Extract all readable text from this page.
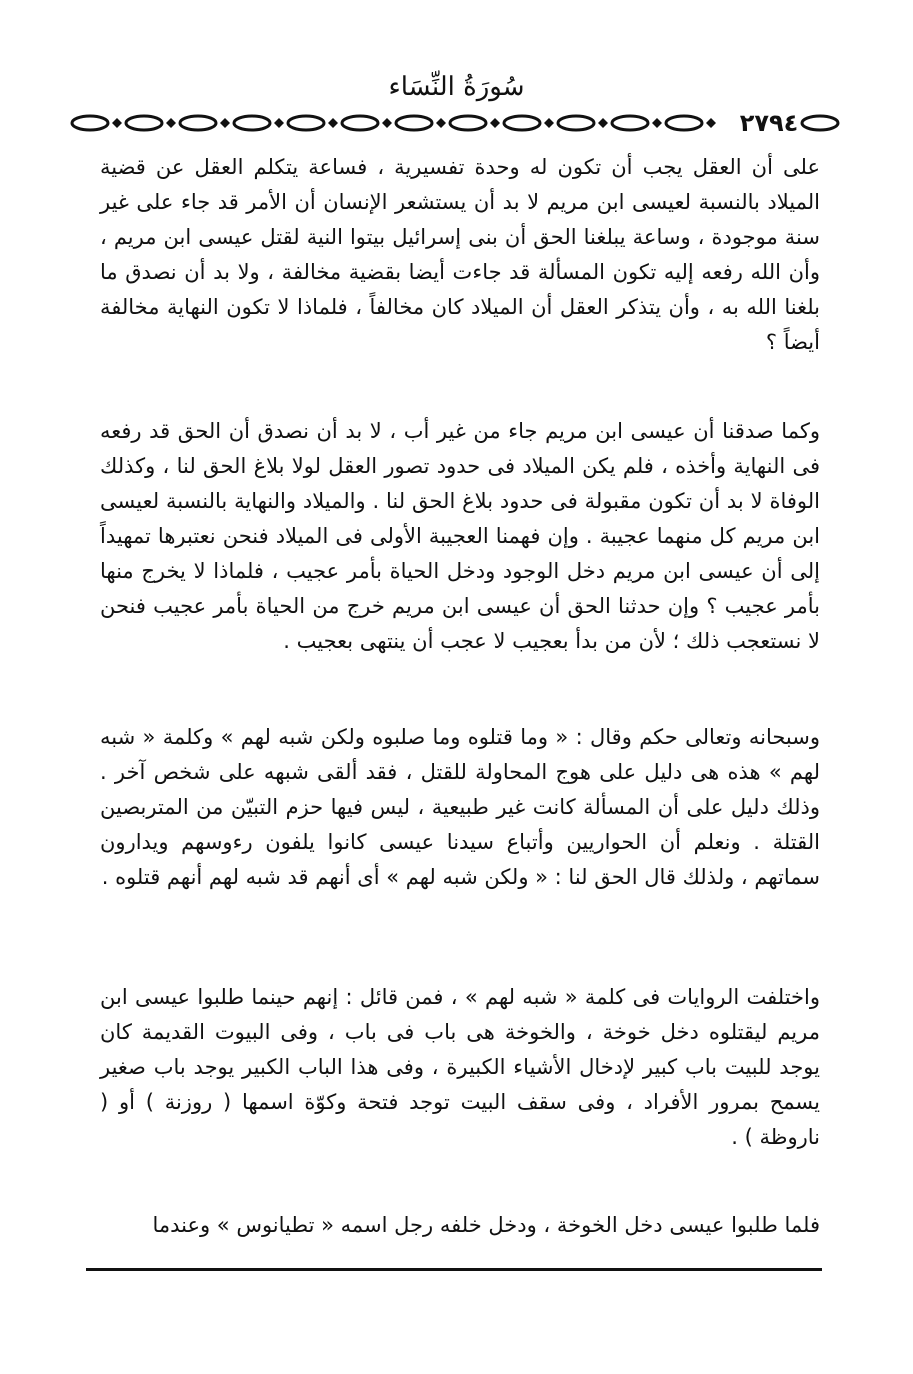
سُورَةُ النِّسَاء
٢٧٩٤

على أن العقل يجب أن تكون له وحدة تفسيرية ، فساعة يتكلم العقل عن قضية الميلاد بالنسبة لعيسى ابن مريم لا بد أن يستشعر الإنسان أن الأمر قد جاء على غير سنة موجودة ، وساعة يبلغنا الحق أن بنى إسرائيل بيتوا النية لقتل عيسى ابن مريم ، وأن الله رفعه إليه تكون المسألة قد جاءت أيضا بقضية مخالفة ، ولا بد أن نصدق ما بلغنا الله به ، وأن يتذكر العقل أن الميلاد كان مخالفاً ، فلماذا لا تكون النهاية مخالفة أيضاً ؟

وكما صدقنا أن عيسى ابن مريم جاء من غير أب ، لا بد أن نصدق أن الحق قد رفعه فى النهاية وأخذه ، فلم يكن الميلاد فى حدود تصور العقل لولا بلاغ الحق لنا ، وكذلك الوفاة لا بد أن تكون مقبولة فى حدود بلاغ الحق لنا . والميلاد والنهاية بالنسبة لعيسى ابن مريم كل منهما عجيبة . وإن فهمنا العجيبة الأولى فى الميلاد فنحن نعتبرها تمهيداً إلى أن عيسى ابن مريم دخل الوجود ودخل الحياة بأمر عجيب ، فلماذا لا يخرج منها بأمر عجيب ؟ وإن حدثنا الحق أن عيسى ابن مريم خرج من الحياة بأمر عجيب فنحن لا نستعجب ذلك ؛ لأن من بدأ بعجيب لا عجب أن ينتهى بعجيب .

وسبحانه وتعالى حكم وقال : « وما قتلوه وما صلبوه ولكن شبه لهم » وكلمة « شبه لهم » هذه هى دليل على هوج المحاولة للقتل ، فقد ألقى شبهه على شخص آخر . وذلك دليل على أن المسألة كانت غير طبيعية ، ليس فيها حزم التبيّن من المتربصين القتلة . ونعلم أن الحواريين وأتباع سيدنا عيسى كانوا يلفون رءوسهم ويدارون سماتهم ، ولذلك قال الحق لنا : « ولكن شبه لهم » أى أنهم قد شبه لهم أنهم قتلوه .

واختلفت الروايات فى كلمة « شبه لهم » ، فمن قائل : إنهم حينما طلبوا عيسى ابن مريم ليقتلوه دخل خوخة ، والخوخة هى باب فى باب ، وفى البيوت القديمة كان يوجد للبيت باب كبير لإدخال الأشياء الكبيرة ، وفى هذا الباب الكبير يوجد باب صغير يسمح بمرور الأفراد ، وفى سقف البيت توجد فتحة وكوّة اسمها ( روزنة ) أو ( ناروظة ) .

فلما طلبوا عيسى دخل الخوخة ، ودخل خلفه رجل اسمه « تطيانوس » وعندما
